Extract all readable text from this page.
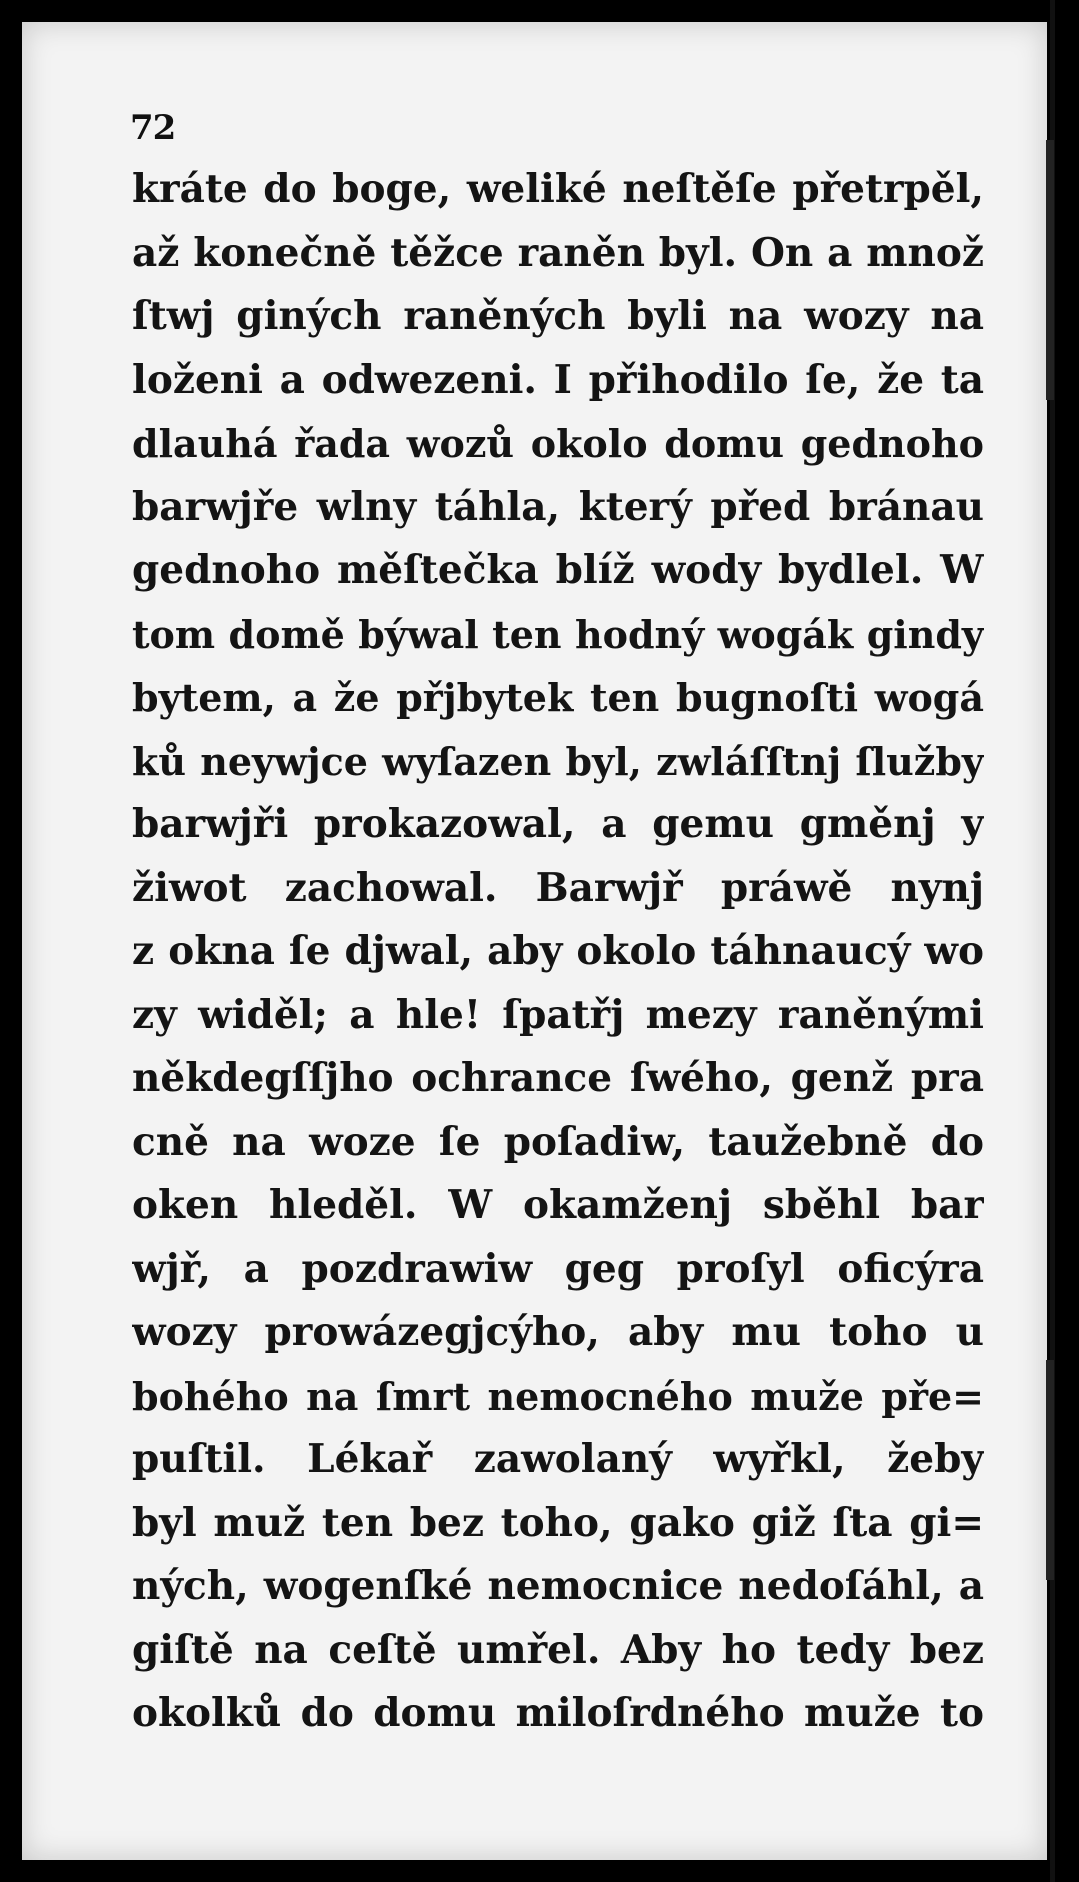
72
kráte do boge, weliké neſtěſe přetrpěl,
až konečně těžce raněn byl. On a množ
ſtwj giných raněných byli na wozy na
loženi a odwezeni. I přihodilo ſe, že ta
dlauhá řada wozů okolo domu gednoho
barwjře wlny táhla, který před bránau
gednoho měſtečka blíž wody bydlel. W
tom domě býwal ten hodný wogák gindy
bytem, a že přjbytek ten bugnoſti wogá
ků neywjce wyſazen byl, zwláſſtnj ſlužby
barwjři prokazowal, a gemu gměnj y
žiwot zachowal. Barwjř práwě nynj
z okna ſe djwal, aby okolo táhnaucý wo
zy widěl; a hle! ſpatřj mezy raněnými
někdegſſjho ochrance ſwého, genž pra
cně na woze ſe poſadiw, taužebně do
oken hleděl. W okamženj sběhl bar
wjř, a pozdrawiw geg proſyl oficýra
wozy prowázegjcýho, aby mu toho u
bohého na ſmrt nemocného muže pře=
puſtil. Lékař zawolaný wyřkl, žeby
byl muž ten bez toho, gako giž ſta gi=
ných, wogenſké nemocnice nedoſáhl, a
giſtě na ceſtě umřel. Aby ho tedy bez
okolků do domu miloſrdného muže to
